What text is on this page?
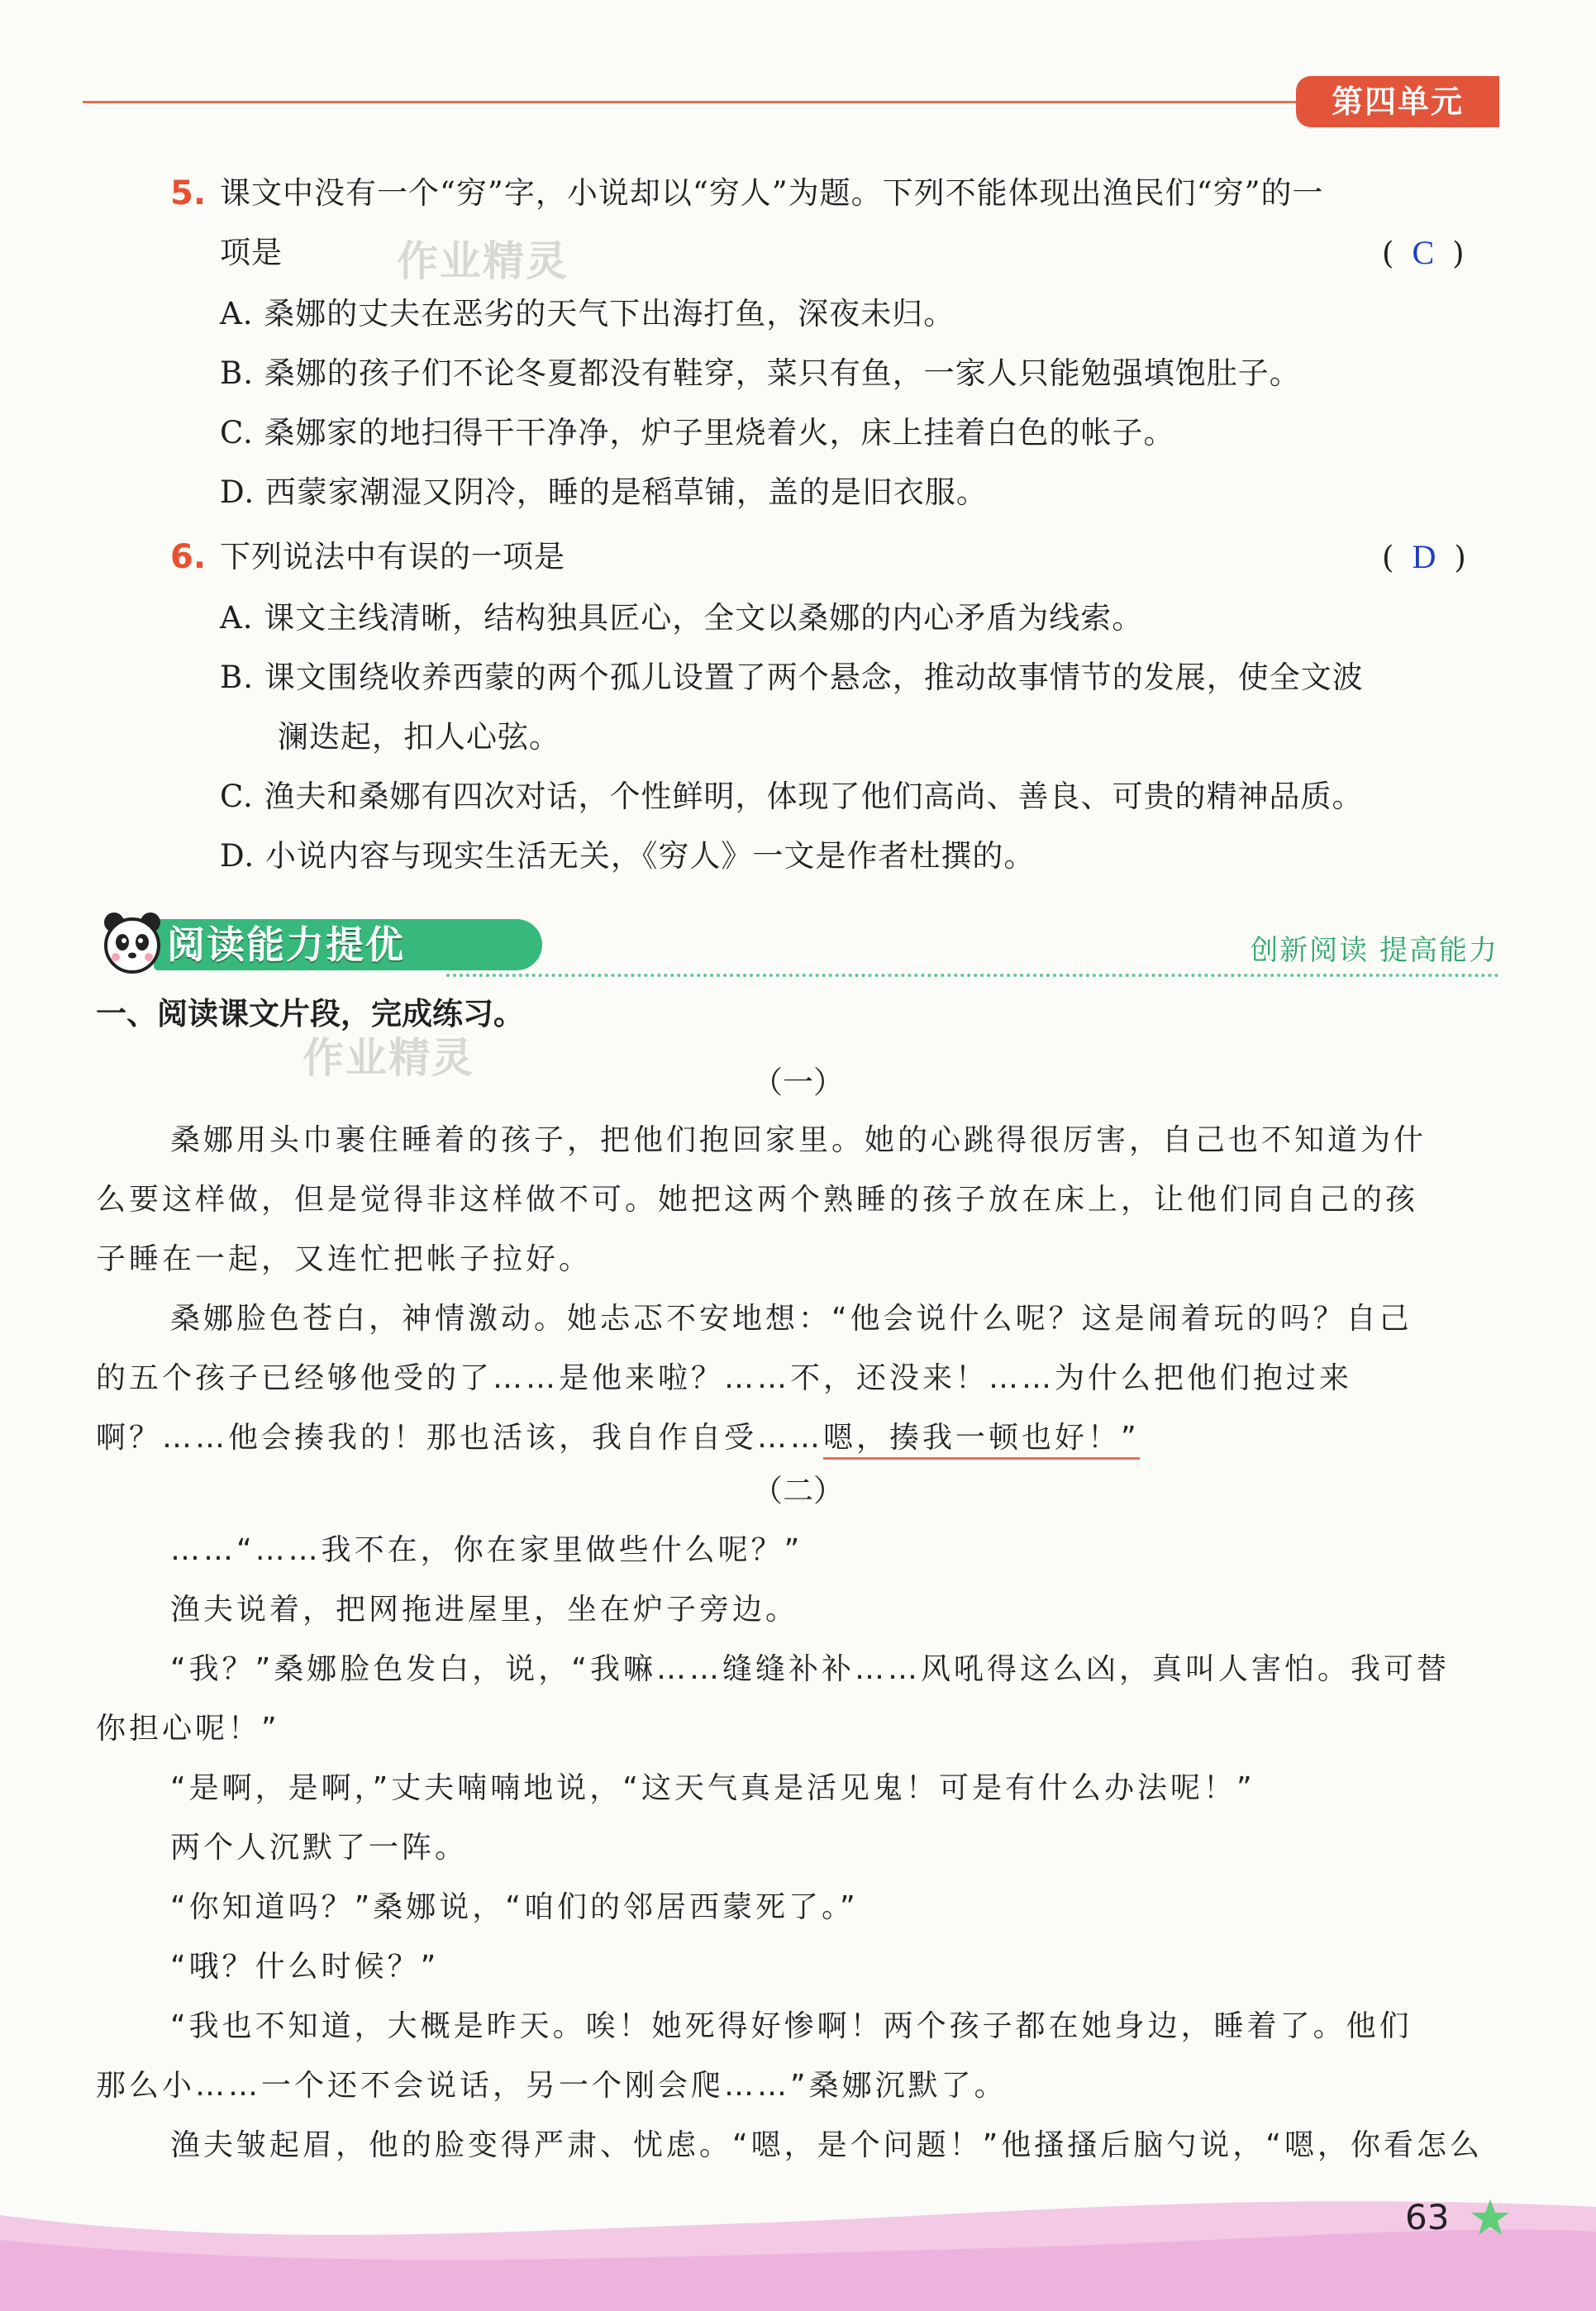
第四单元
5. 课文中没有一个“穷”字，小说却以“穷人”为题。下列不能体现出渔民们“穷”的一
项是	作业精灵	( C )
A. 桑娜的丈夫在恶劣的天气下出海打鱼，深夜未归。
B. 桑娜的孩子们不论冬夏都没有鞋穿，菜只有鱼，一家人只能勉强填饱肚子。
C. 桑娜家的地扫得干干净净，炉子里烧着火，床上挂着白色的帐子。
D. 西蒙家潮湿又阴冷，睡的是稻草铺，盖的是旧衣服。
6. 下列说法中有误的一项是	( D )
A. 课文主线清晰，结构独具匠心，全文以桑娜的内心矛盾为线索。
B. 课文围绕收养西蒙的两个孤儿设置了两个悬念，推动故事情节的发展，使全文波
澜迭起，扣人心弦。
C. 渔夫和桑娜有四次对话，个性鲜明，体现了他们高尚、善良、可贵的精神品质。
D. 小说内容与现实生活无关，《穷人》一文是作者杜撰的。
阅读能力提优	创新阅读 提高能力
一、阅读课文片段，完成练习。
作业精灵
（一）
桑娜用头巾裹住睡着的孩子，把他们抱回家里。她的心跳得很厉害，自己也不知道为什
么要这样做，但是觉得非这样做不可。她把这两个熟睡的孩子放在床上，让他们同自己的孩
子睡在一起，又连忙把帐子拉好。
桑娜脸色苍白，神情激动。她忐忑不安地想：“他会说什么呢？这是闹着玩的吗？自己
的五个孩子已经够他受的了……是他来啦？……不，还没来！……为什么把他们抱过来
啊？……他会揍我的！那也活该，我自作自受……嗯，揍我一顿也好！”
（二）
……“……我不在，你在家里做些什么呢？”
渔夫说着，把网拖进屋里，坐在炉子旁边。
“我？”桑娜脸色发白，说，“我嘛……缝缝补补……风吼得这么凶，真叫人害怕。我可替
你担心呢！”
“是啊，是啊，”丈夫喃喃地说，“这天气真是活见鬼！可是有什么办法呢！”
两个人沉默了一阵。
“你知道吗？”桑娜说，“咱们的邻居西蒙死了。”
“哦？什么时候？”
“我也不知道，大概是昨天。唉！她死得好惨啊！两个孩子都在她身边，睡着了。他们
那么小……一个还不会说话，另一个刚会爬……”桑娜沉默了。
渔夫皱起眉，他的脸变得严肃、忧虑。“嗯，是个问题！”他搔搔后脑勺说，“嗯，你看怎么
63
